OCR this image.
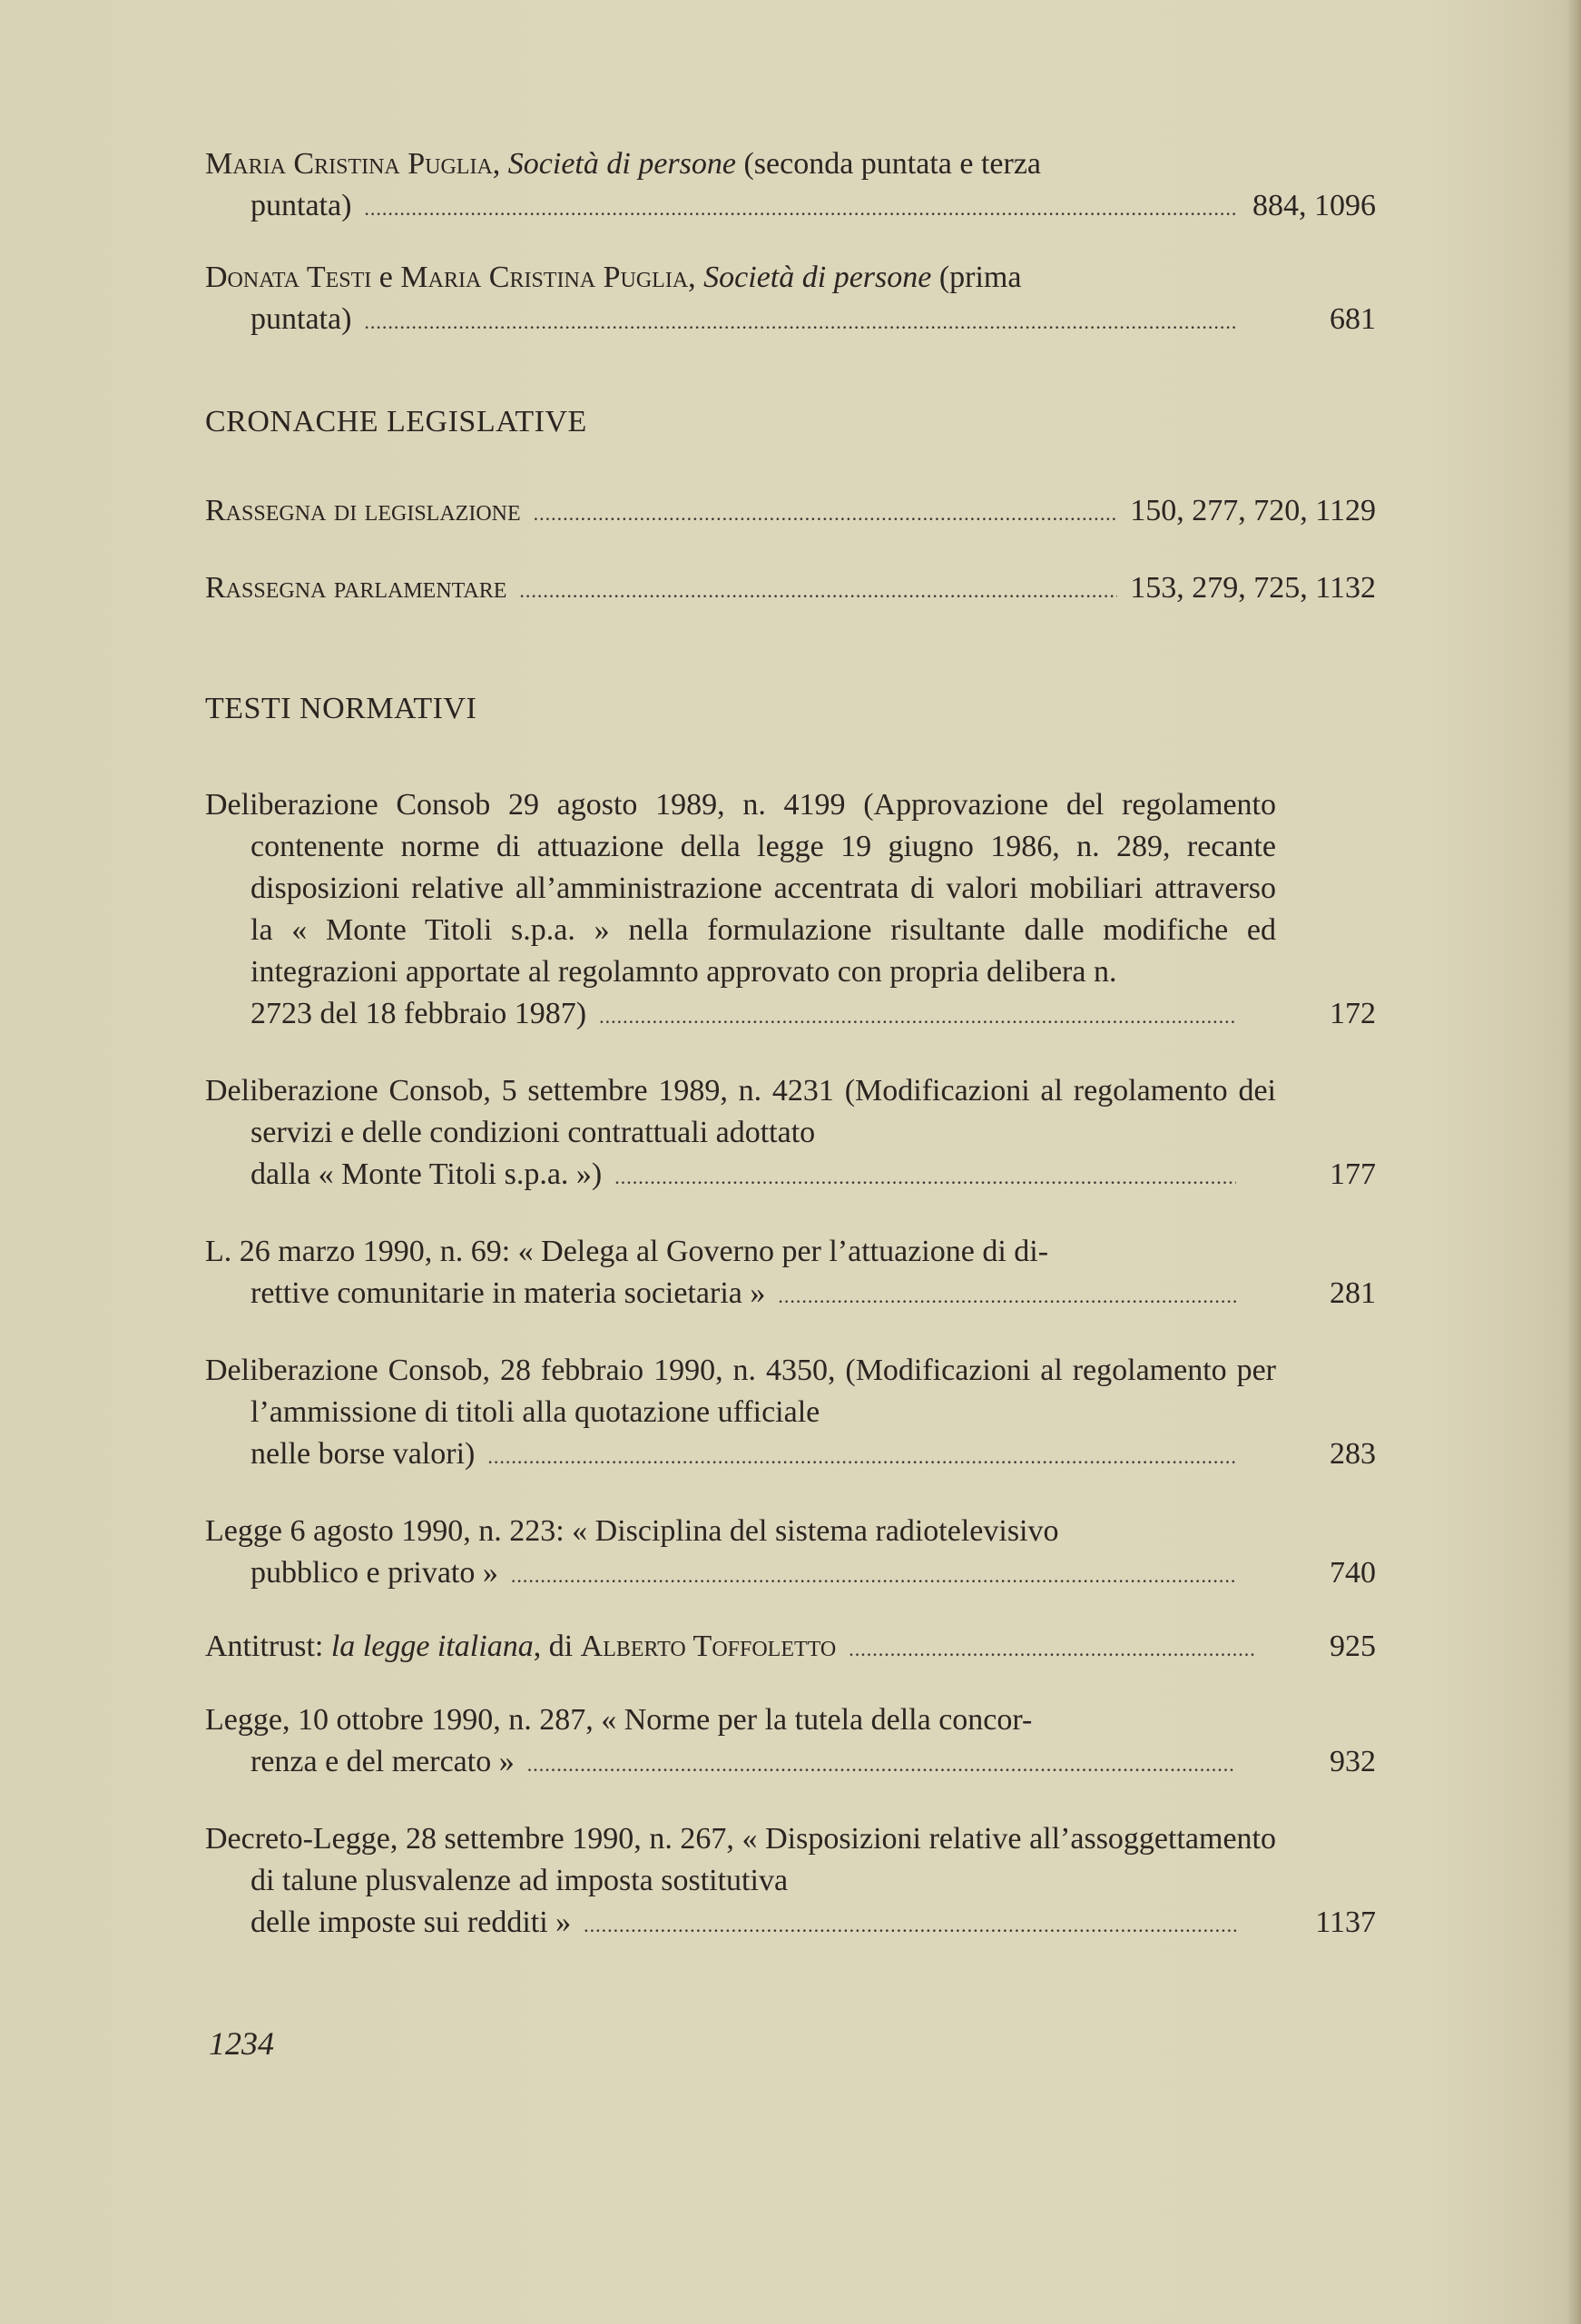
Maria Cristina Puglia, Società di persone (seconda puntata e terza
puntata) .....	884, 1096
Donata Testi e Maria Cristina Puglia, Società di persone (prima
puntata) .....	681
CRONACHE LEGISLATIVE
Rassegna di legislazione .....	150, 277, 720, 1129
Rassegna parlamentare .....	153, 279, 725, 1132
TESTI NORMATIVI
Deliberazione Consob 29 agosto 1989, n. 4199 (Approvazione del regolamento contenente norme di attuazione della legge 19 giugno 1986, n. 289, recante disposizioni relative all’amministrazione accentrata di valori mobiliari attraverso la « Monte Titoli s.p.a. » nella formulazione risultante dalle modifiche ed integrazioni apportate al regolamnto approvato con propria delibera n.
2723 del 18 febbraio 1987) .....	172
Deliberazione Consob, 5 settembre 1989, n. 4231 (Modificazioni al regolamento dei servizi e delle condizioni contrattuali adottato
dalla « Monte Titoli s.p.a. ») .....	177
L. 26 marzo 1990, n. 69: « Delega al Governo per l’attuazione di di-
rettive comunitarie in materia societaria » .....	281
Deliberazione Consob, 28 febbraio 1990, n. 4350, (Modificazioni al regolamento per l’ammissione di titoli alla quotazione ufficiale
nelle borse valori) .....	283
Legge 6 agosto 1990, n. 223: « Disciplina del sistema radiotelevisivo
pubblico e privato » .....	740
Antitrust: la legge italiana, di Alberto Toffoletto .....	925
Legge, 10 ottobre 1990, n. 287, « Norme per la tutela della concor-
renza e del mercato » .....	932
Decreto-Legge, 28 settembre 1990, n. 267, « Disposizioni relative all’assoggettamento di talune plusvalenze ad imposta sostitutiva
delle imposte sui redditi » .....	1137
1234
